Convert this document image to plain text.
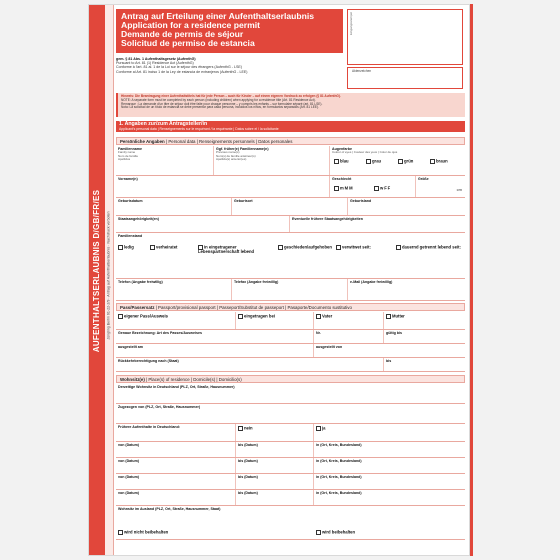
AUFENTHALTSERLAUBNIS D/GB/FR/ES	Jüngling Berlin 61-22-2/9 · Antrag auf Aufenthaltserlaubnis · Nachdruck verboten
Antrag auf Erteilung einer Aufenthaltserlaubnis
Application for a residence permit
Demande de permis de séjour
Solicitud de permiso de estancia
Eingangsstempel
Aktenzeichen
gem. § 81 Abs. 1 Aufenthaltsgesetz (AufenthG)
Pursuant to Art. 81 (1) Residence Act (AufenthG)
Conforme à l'art. 81 al. 1 de la Loi sur le séjour des étrangers (AufenthG - LSE)
Conforme al Art. 81 inciso 1 de la Ley de estancia de extranjeros (AufenthG - LEE)
Hinweis: Die Beantragung einer Aufenthaltstitels hat für jede Person – auch für Kinder – auf einem eigenen Vordruck zu erfolgen (§ 81 AufenthG).
NOTE: A separate form must be completed by each person (including children) when applying for a residence title (Art. 81 Residence Act).
Remarque : La demande d'un titre de séjour doit être faite pour chaque personne – y compris les enfants – sur formulaire séparé (art. 81 LSE).
Nota: La solicitud de un título de estancia se debe presentar para cada persona, incluidos los niños, en formularios separados (Art. 81 LEE).
1. Angaben zur/zum Antragsteller/in
Applicant's personal data | Renseignements sur le requérant / la requérante | Datos sobre el / la solicitante
Persönliche Angaben | Personal data | Renseignements personnels | Datos personales
Familienname
Family name
Nom de famille
Apellidos
Ggf. früher(e) Familienname(n)
Previous name(s)
Nom(s) de famille antérieur(s)
Apellido(s) anterior(es)
Augenfarbe
Colour of eyes | Couleur des yeux | Color de ojos
blau	grau	grün	braun
Vorname(n)	Geschlecht
m M M	w F F
Größe
cm
Geburtsdatum	Geburtsort	Geburtsland
Staatsangehörigkeit(en)	Eventuelle frühere Staatsangehörigkeiten
Familienstand
ledig	verheiratet	in eingetragener Lebenspartnerschaft lebend
geschieden/aufgehoben	verwitwet seit:	dauernd getrennt lebend seit:
Telefon (Angabe freiwillig)	Telefax (Angabe freiwillig)	e-Mail (Angabe freiwillig)
Pass/Passersatz | Passport/provisional passport | Passeport/Substitut de passeport | Pasaporte/Documento sustitutivo
eigener Pass/Ausweis	eingetragen bei	Vater	Mutter
Genaue Bezeichnung: Art des Passes/Ausweises	Nr.	gültig bis
ausgestellt am	ausgestellt von
Rückkehrberechtigung nach (Staat)	bis
Wohnsitz(e) | Place(s) of residence | Domicile(s) | Domicilio(s)
Derzeitige Wohnsitz in Deutschland (PLZ, Ort, Straße, Hausnummer)
Zugezogen von (PLZ, Ort, Straße, Hausnummer)
Frühere Aufenthalte in Deutschland:	nein	ja
von (Datum)	bis (Datum)	in (Ort, Kreis, Bundesland)
von (Datum)	bis (Datum)	in (Ort, Kreis, Bundesland)
von (Datum)	bis (Datum)	in (Ort, Kreis, Bundesland)
von (Datum)	bis (Datum)	in (Ort, Kreis, Bundesland)
Wohnsitz im Ausland (PLZ, Ort, Straße, Hausnummer, Staat)
wird nicht beibehalten	wird beibehalten
